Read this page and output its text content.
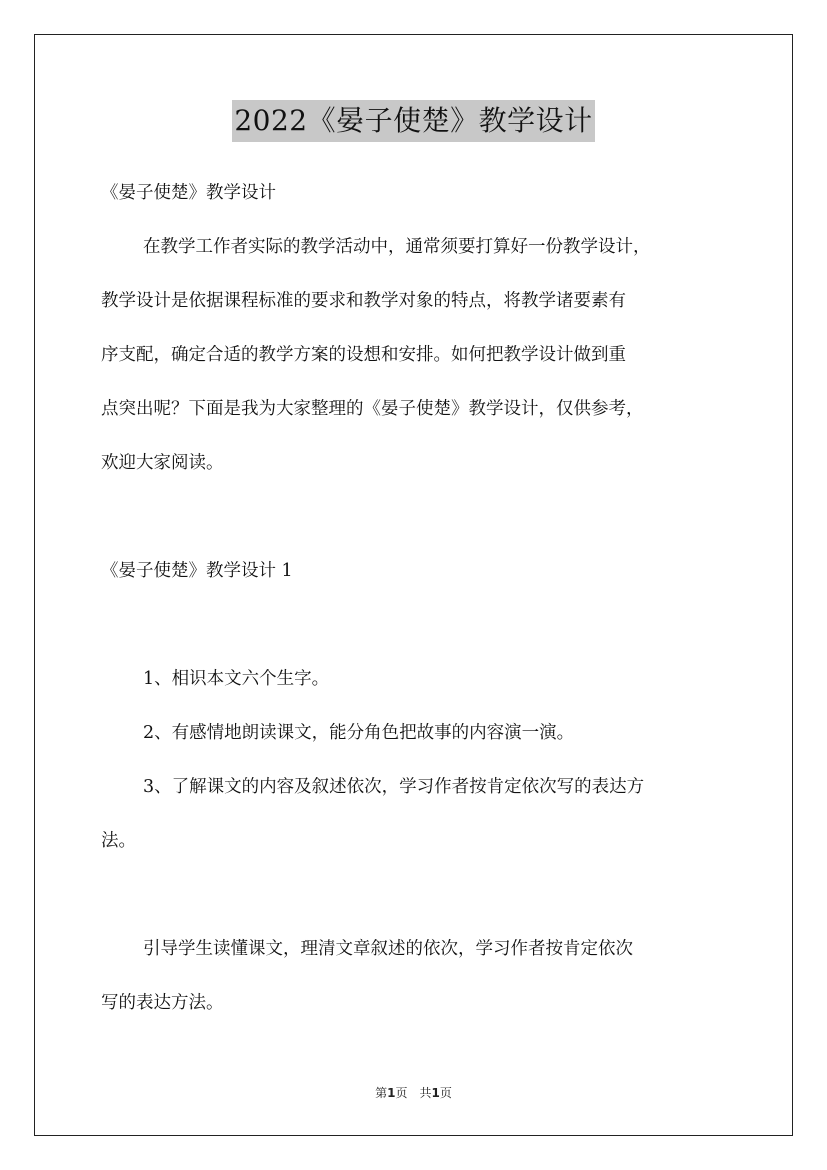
2022《晏子使楚》教学设计

《晏子使楚》教学设计

在教学工作者实际的教学活动中，通常须要打算好一份教学设计，

教学设计是依据课程标准的要求和教学对象的特点，将教学诸要素有

序支配，确定合适的教学方案的设想和安排。如何把教学设计做到重

点突出呢？下面是我为大家整理的《晏子使楚》教学设计，仅供参考，

欢迎大家阅读。

《晏子使楚》教学设计 1

1、相识本文六个生字。

2、有感情地朗读课文，能分角色把故事的内容演一演。

3、了解课文的内容及叙述依次，学习作者按肯定依次写的表达方

法。

引导学生读懂课文，理清文章叙述的依次，学习作者按肯定依次

写的表达方法。

第1页 共1页
